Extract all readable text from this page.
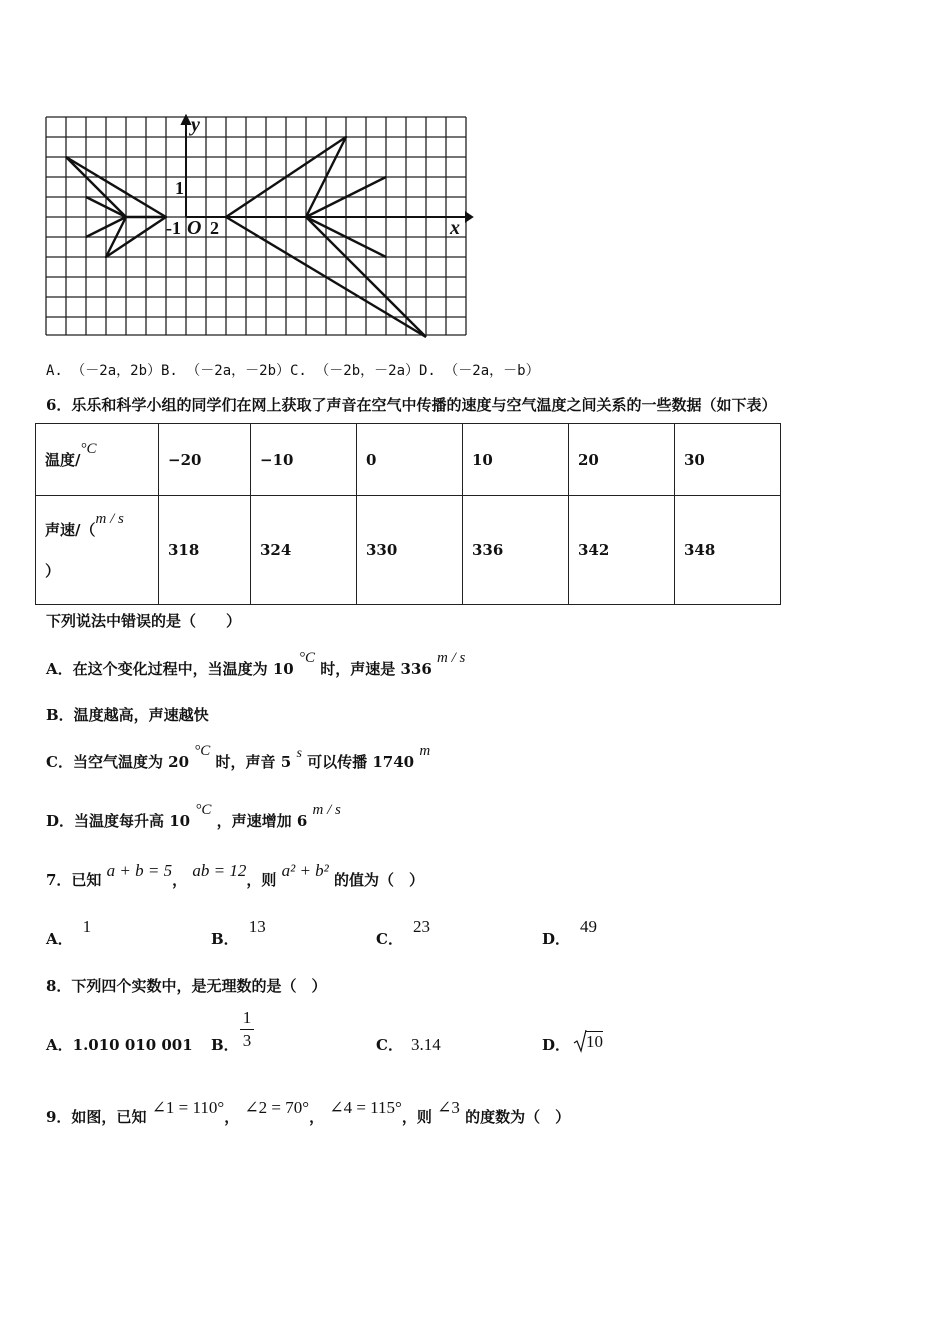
y
x
1
-1 O 2
A. （－2a，2b）B. （－2a，－2b）C. （－2b，－2a）D. （－2a，－b）
6．乐乐和科学小组的同学们在网上获取了声音在空气中传播的速度与空气温度之间关系的一些数据（如下表）
温度/°C	−20	−10	0	10	20	30

声速/（m / s
）	318	324	330	336	342	348
下列说法中错误的是（　　）
A．在这个变化过程中，当温度为 10 °C 时，声速是 336 m / s
B．温度越高，声速越快
C．当空气温度为 20 °C 时，声音 5 s 可以传播 1740 m
D．当温度每升高 10 °C ，声速增加 6 m / s
7．已知 a + b = 5， ab = 12，则 a² + b² 的值为（　）
A．1
B．13
C．23
D．49
8．下列四个实数中，是无理数的是（　）
A．1.010 010 001 B．
1
3	C． 3.14	D． 10
9．如图，已知 ∠1 = 110°， ∠2 = 70°， ∠4 = 115°，则 ∠3 的度数为（　）
